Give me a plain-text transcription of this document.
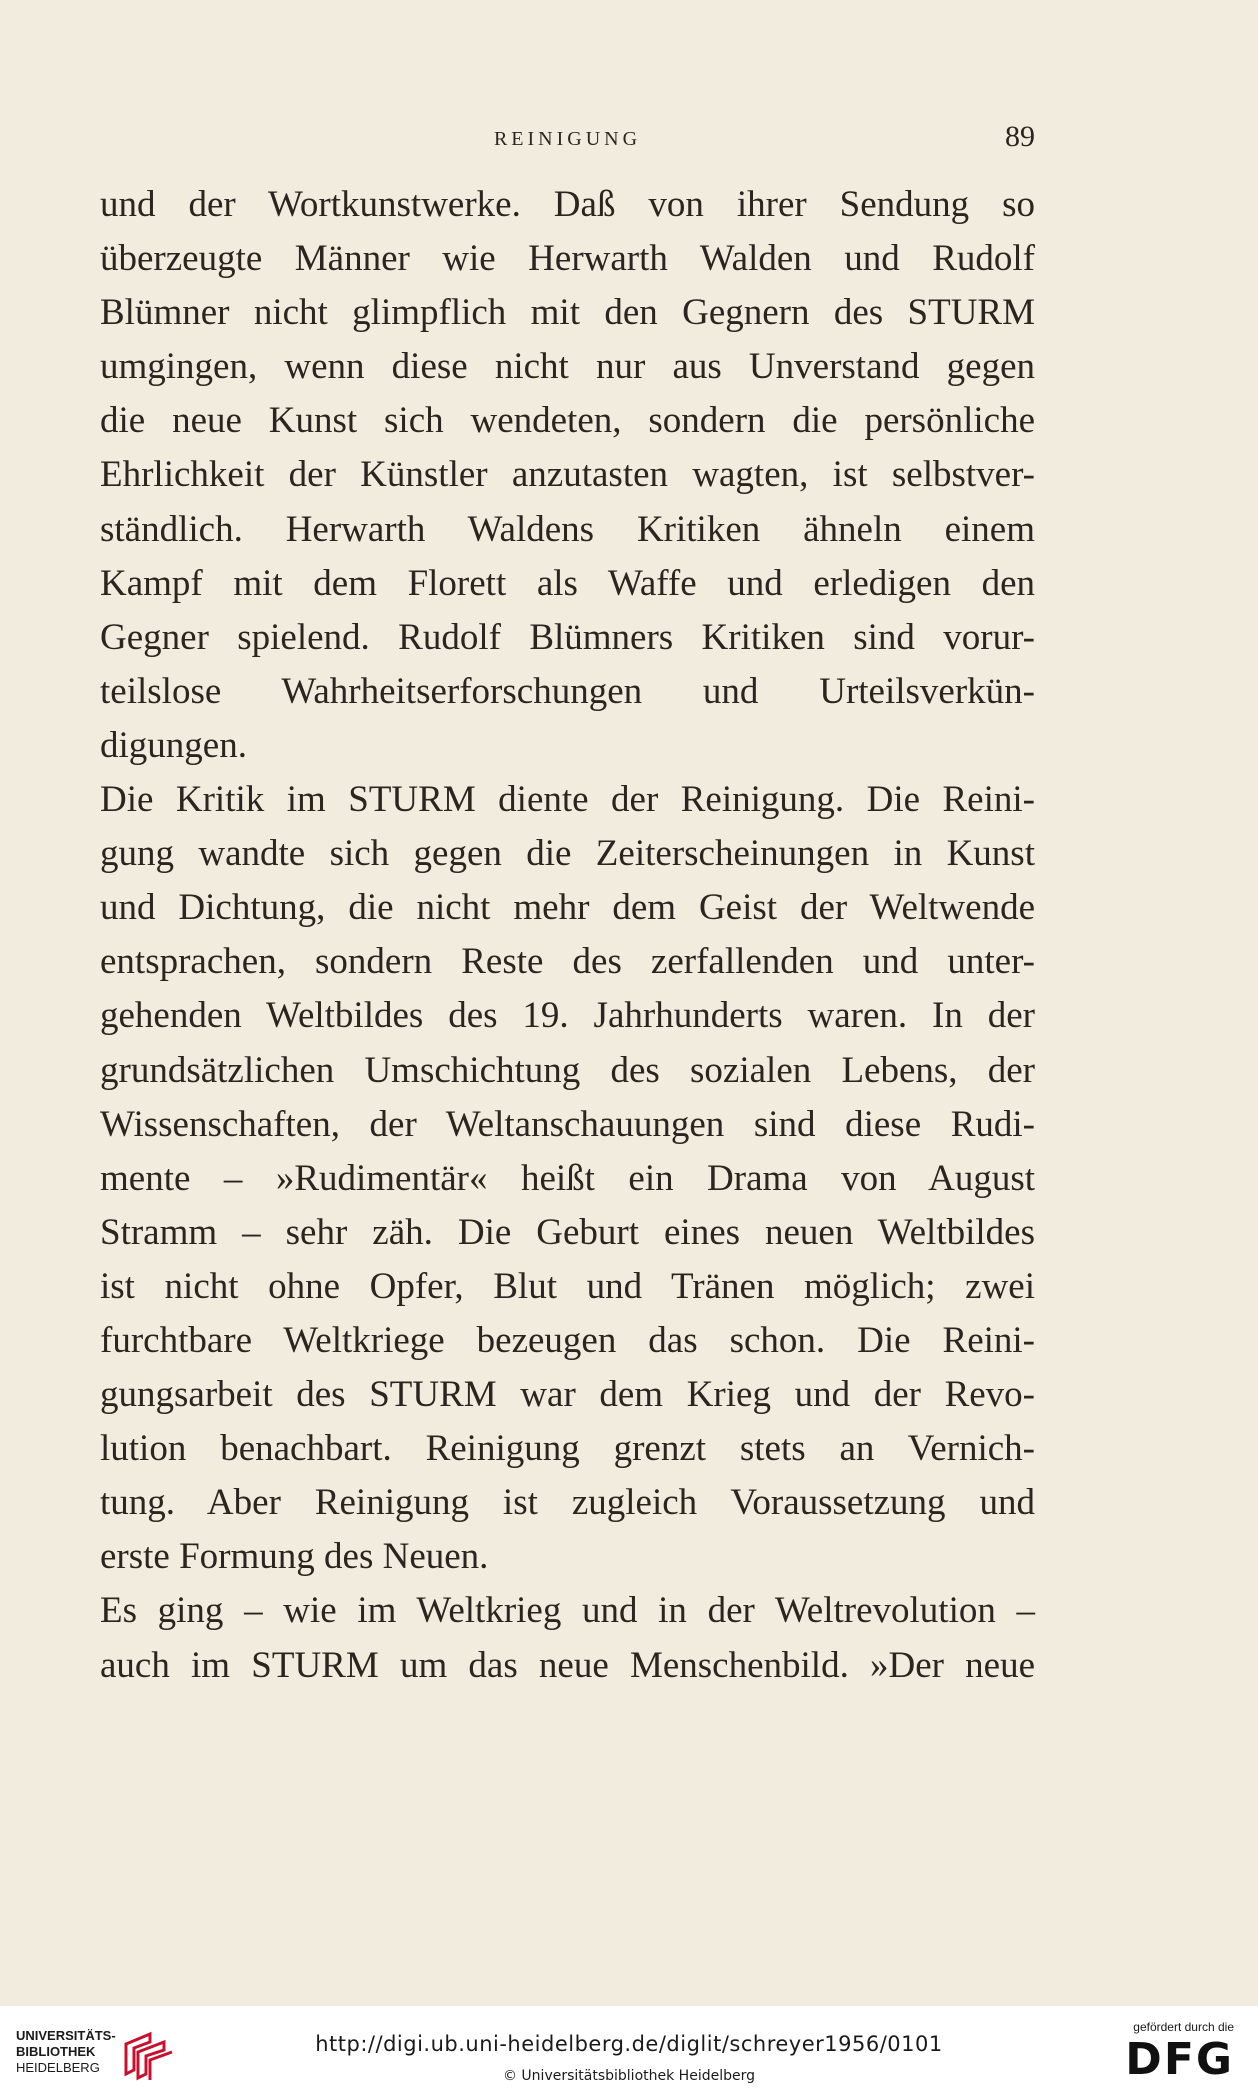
REINIGUNG	89
und der Wortkunstwerke. Daß von ihrer Sendung so
überzeugte Männer wie Herwarth Walden und Rudolf
Blümner nicht glimpflich mit den Gegnern des STURM
umgingen, wenn diese nicht nur aus Unverstand gegen
die neue Kunst sich wendeten, sondern die persönliche
Ehrlichkeit der Künstler anzutasten wagten, ist selbstver-
ständlich. Herwarth Waldens Kritiken ähneln einem
Kampf mit dem Florett als Waffe und erledigen den
Gegner spielend. Rudolf Blümners Kritiken sind vorur-
teilslose Wahrheitserforschungen und Urteilsverkün-
digungen.
Die Kritik im STURM diente der Reinigung. Die Reini-
gung wandte sich gegen die Zeiterscheinungen in Kunst
und Dichtung, die nicht mehr dem Geist der Weltwende
entsprachen, sondern Reste des zerfallenden und unter-
gehenden Weltbildes des 19. Jahrhunderts waren. In der
grundsätzlichen Umschichtung des sozialen Lebens, der
Wissenschaften, der Weltanschauungen sind diese Rudi-
mente – »Rudimentär« heißt ein Drama von August
Stramm – sehr zäh. Die Geburt eines neuen Weltbildes
ist nicht ohne Opfer, Blut und Tränen möglich; zwei
furchtbare Weltkriege bezeugen das schon. Die Reini-
gungsarbeit des STURM war dem Krieg und der Revo-
lution benachbart. Reinigung grenzt stets an Vernich-
tung. Aber Reinigung ist zugleich Voraussetzung und
erste Formung des Neuen.
Es ging – wie im Weltkrieg und in der Weltrevolution –
auch im STURM um das neue Menschenbild. »Der neue
UNIVERSITÄTS-
BIBLIOTHEK
HEIDELBERG
http://digi.ub.uni-heidelberg.de/diglit/schreyer1956/0101
© Universitätsbibliothek Heidelberg
gefördert durch die
DFG
